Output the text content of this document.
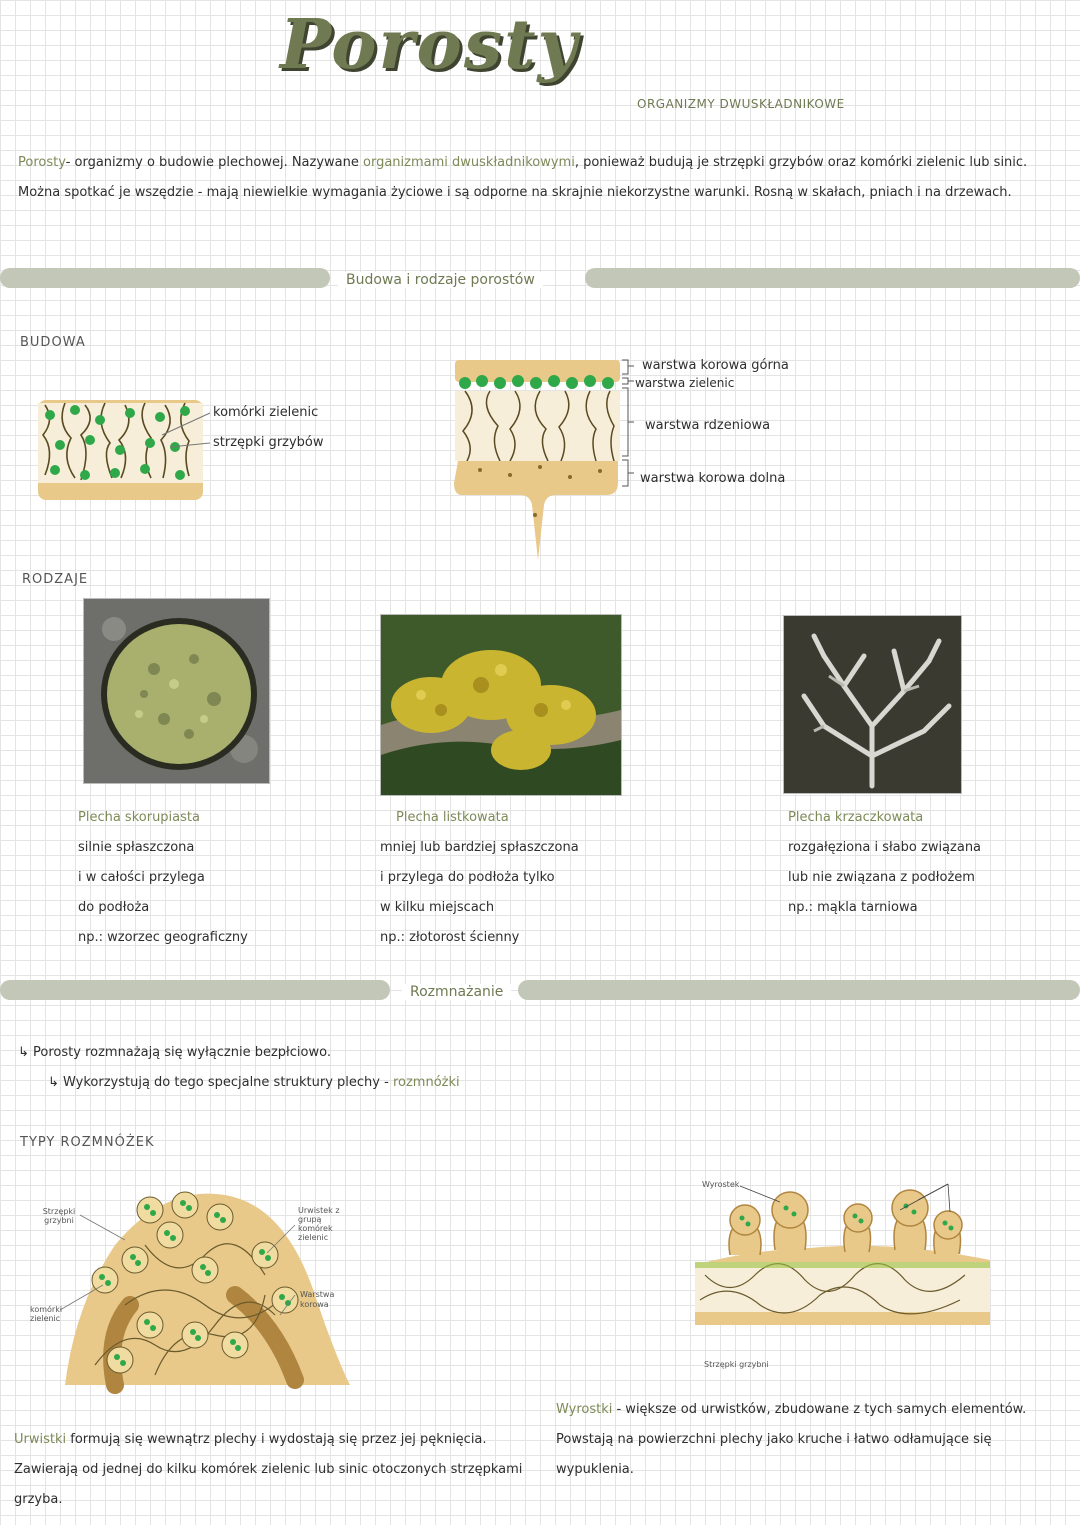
Porosty
ORGANIZMY DWUSKŁADNIKOWE
Porosty- organizmy o budowie plechowej. Nazywane organizmami dwuskładnikowymi, ponieważ budują je strzępki grzybów oraz komórki zielenic lub sinic. Można spotkać je wszędzie - mają niewielkie wymagania życiowe i są odporne na skrajnie niekorzystne warunki. Rosną w skałach, pniach i na drzewach.
Budowa i rodzaje porostów
BUDOWA
komórki zielenic
strzępki grzybów
warstwa korowa górna
warstwa zielenic
warstwa rdzeniowa
warstwa korowa dolna
RODZAJE
Plecha skorupiasta
silnie spłaszczona
i w całości przylega
do podłoża
np.: wzorzec geograficzny
Plecha listkowata
mniej lub bardziej spłaszczona
i przylega do podłoża tylko
w kilku miejscach
np.: złotorost ścienny
Plecha krzaczkowata
rozgałęziona i słabo związana
lub nie związana z podłożem
np.: mąkla tarniowa
Rozmnażanie
↳ Porosty rozmnażają się wyłącznie bezpłciowo.
↳ Wykorzystują do tego specjalne struktury plechy - rozmnóżki
TYPY ROZMNÓŻEK
Strzępki grzybni
komórki zielenic
Urwistek z grupą komórek zielenic
Warstwa korowa
Wyrostek
Strzępki grzybni
Urwistki formują się wewnątrz plechy i wydostają się przez jej pęknięcia. Zawierają od jednej do kilku komórek zielenic lub sinic otoczonych strzępkami grzyba.
Wyrostki - większe od urwistków, zbudowane z tych samych elementów. Powstają na powierzchni plechy jako kruche i łatwo odłamujące się wypuklenia.
